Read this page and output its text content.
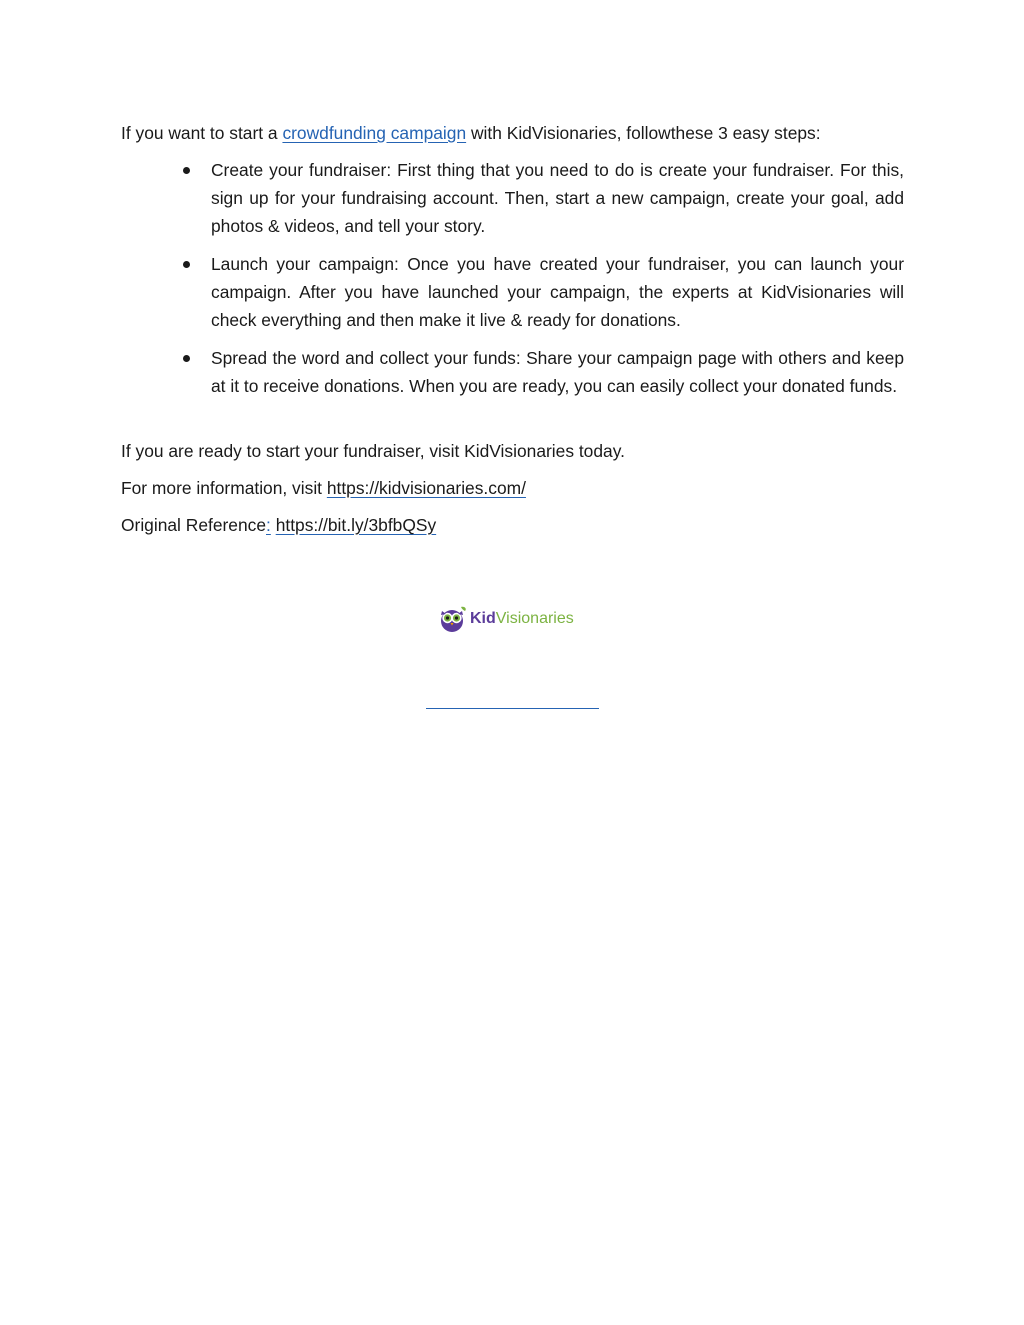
If you want to start a crowdfunding campaign with KidVisionaries, followthese 3 easy steps:
Create your fundraiser: First thing that you need to do is create your fundraiser. For this, sign up for your fundraising account. Then, start a new campaign, create your goal, add photos & videos, and tell your story.
Launch your campaign: Once you have created your fundraiser, you can launch your campaign. After you have launched your campaign, the experts at KidVisionaries will check everything and then make it live & ready for donations.
Spread the word and collect your funds: Share your campaign page with others and keep at it to receive donations. When you are ready, you can easily collect your donated funds.
If you are ready to start your fundraiser, visit KidVisionaries today.
For more information, visit https://kidvisionaries.com/
Original Reference: https://bit.ly/3bfbQSy
KidVisionaries
